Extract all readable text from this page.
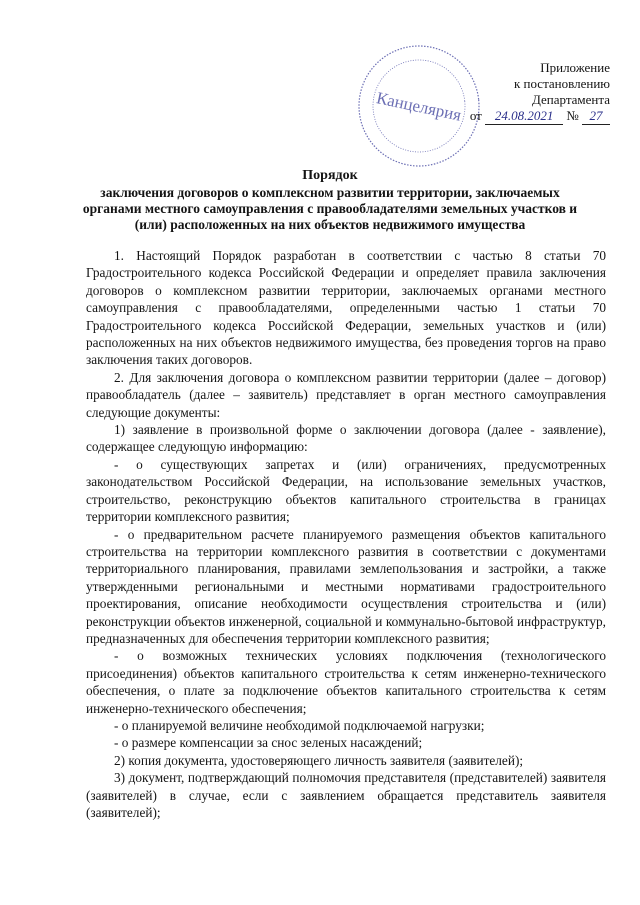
Канцелярия
Приложение
к постановлению
Департамента
от 24.08.2021 № 27
Порядок
заключения договоров о комплексном развитии территории, заключаемых органами местного самоуправления с правообладателями земельных участков и (или) расположенных на них объектов недвижимого имущества

1. Настоящий Порядок разработан в соответствии с частью 8 статьи 70 Градостроительного кодекса Российской Федерации и определяет правила заключения договоров о комплексном развитии территории, заключаемых органами местного самоуправления с правообладателями, определенными частью 1 статьи 70 Градостроительного кодекса Российской Федерации, земельных участков и (или) расположенных на них объектов недвижимого имущества, без проведения торгов на право заключения таких договоров.

2. Для заключения договора о комплексном развитии территории (далее – договор) правообладатель (далее – заявитель) представляет в орган местного самоуправления следующие документы:

1) заявление в произвольной форме о заключении договора (далее - заявление), содержащее следующую информацию:

- о существующих запретах и (или) ограничениях, предусмотренных законодательством Российской Федерации, на использование земельных участков, строительство, реконструкцию объектов капитального строительства в границах территории комплексного развития;

- о предварительном расчете планируемого размещения объектов капитального строительства на территории комплексного развития в соответствии с документами территориального планирования, правилами землепользования и застройки, а также утвержденными региональными и местными нормативами градостроительного проектирования, описание необходимости осуществления строительства и (или) реконструкции объектов инженерной, социальной и коммунально-бытовой инфраструктур, предназначенных для обеспечения территории комплексного развития;

- о возможных технических условиях подключения (технологического присоединения) объектов капитального строительства к сетям инженерно-технического обеспечения, о плате за подключение объектов капитального строительства к сетям инженерно-технического обеспечения;

- о планируемой величине необходимой подключаемой нагрузки;

- о размере компенсации за снос зеленых насаждений;

2) копия документа, удостоверяющего личность заявителя (заявителей);

3) документ, подтверждающий полномочия представителя (представителей) заявителя (заявителей) в случае, если с заявлением обращается представитель заявителя (заявителей);
